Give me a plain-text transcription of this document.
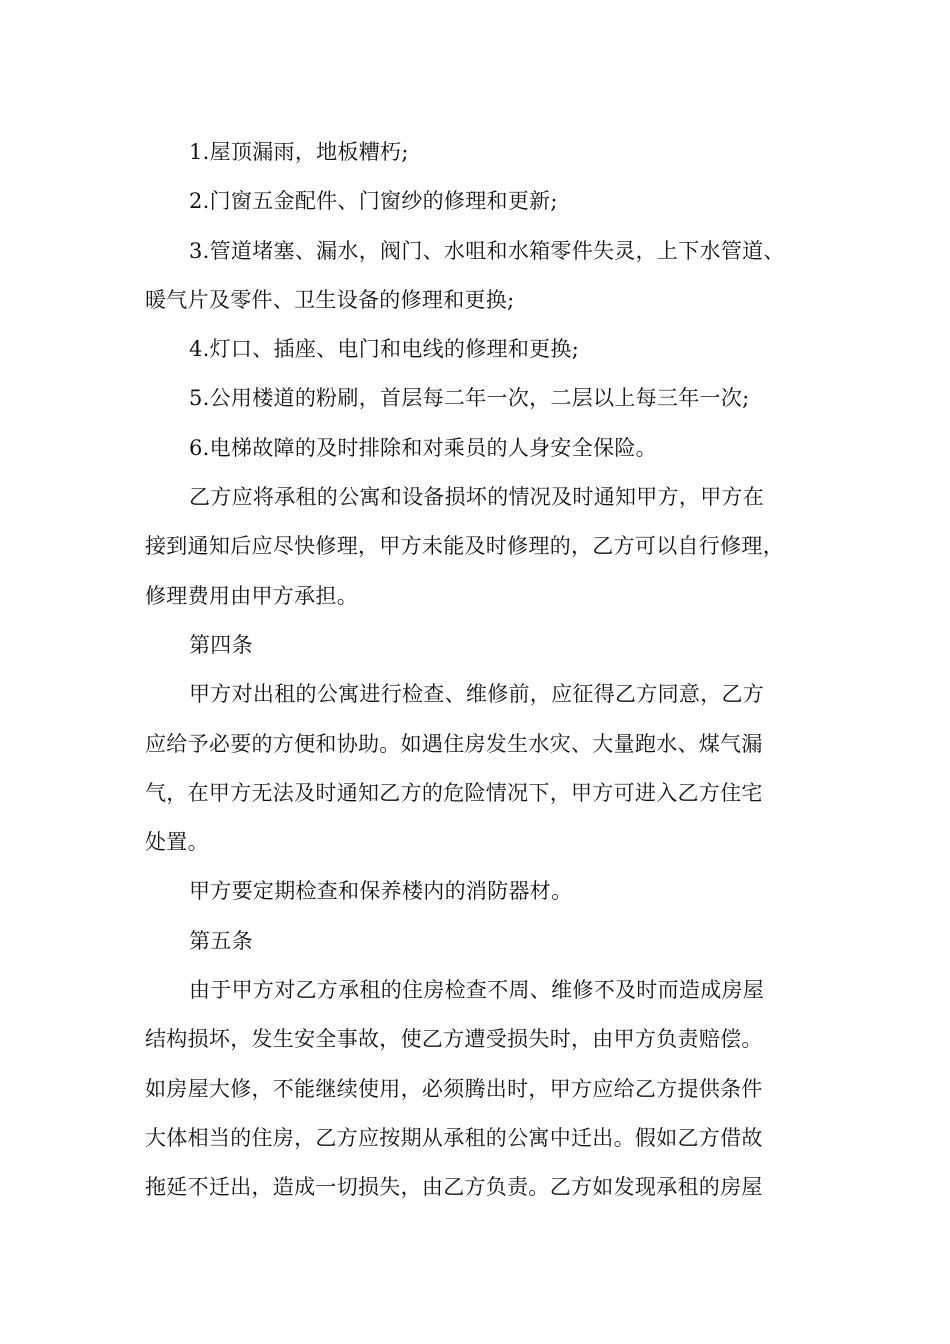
1.屋顶漏雨，地板糟朽;
2.门窗五金配件、门窗纱的修理和更新;
3.管道堵塞、漏水，阀门、水咀和水箱零件失灵，上下水管道、
暖气片及零件、卫生设备的修理和更换;
4.灯口、插座、电门和电线的修理和更换;
5.公用楼道的粉刷，首层每二年一次，二层以上每三年一次;
6.电梯故障的及时排除和对乘员的人身安全保险。
乙方应将承租的公寓和设备损坏的情况及时通知甲方，甲方在
接到通知后应尽快修理，甲方未能及时修理的，乙方可以自行修理，
修理费用由甲方承担。
第四条
甲方对出租的公寓进行检查、维修前，应征得乙方同意，乙方
应给予必要的方便和协助。如遇住房发生水灾、大量跑水、煤气漏
气，在甲方无法及时通知乙方的危险情况下，甲方可进入乙方住宅
处置。
甲方要定期检查和保养楼内的消防器材。
第五条
由于甲方对乙方承租的住房检查不周、维修不及时而造成房屋
结构损坏，发生安全事故，使乙方遭受损失时，由甲方负责赔偿。
如房屋大修，不能继续使用，必须腾出时，甲方应给乙方提供条件
大体相当的住房，乙方应按期从承租的公寓中迁出。假如乙方借故
拖延不迁出，造成一切损失，由乙方负责。乙方如发现承租的房屋
